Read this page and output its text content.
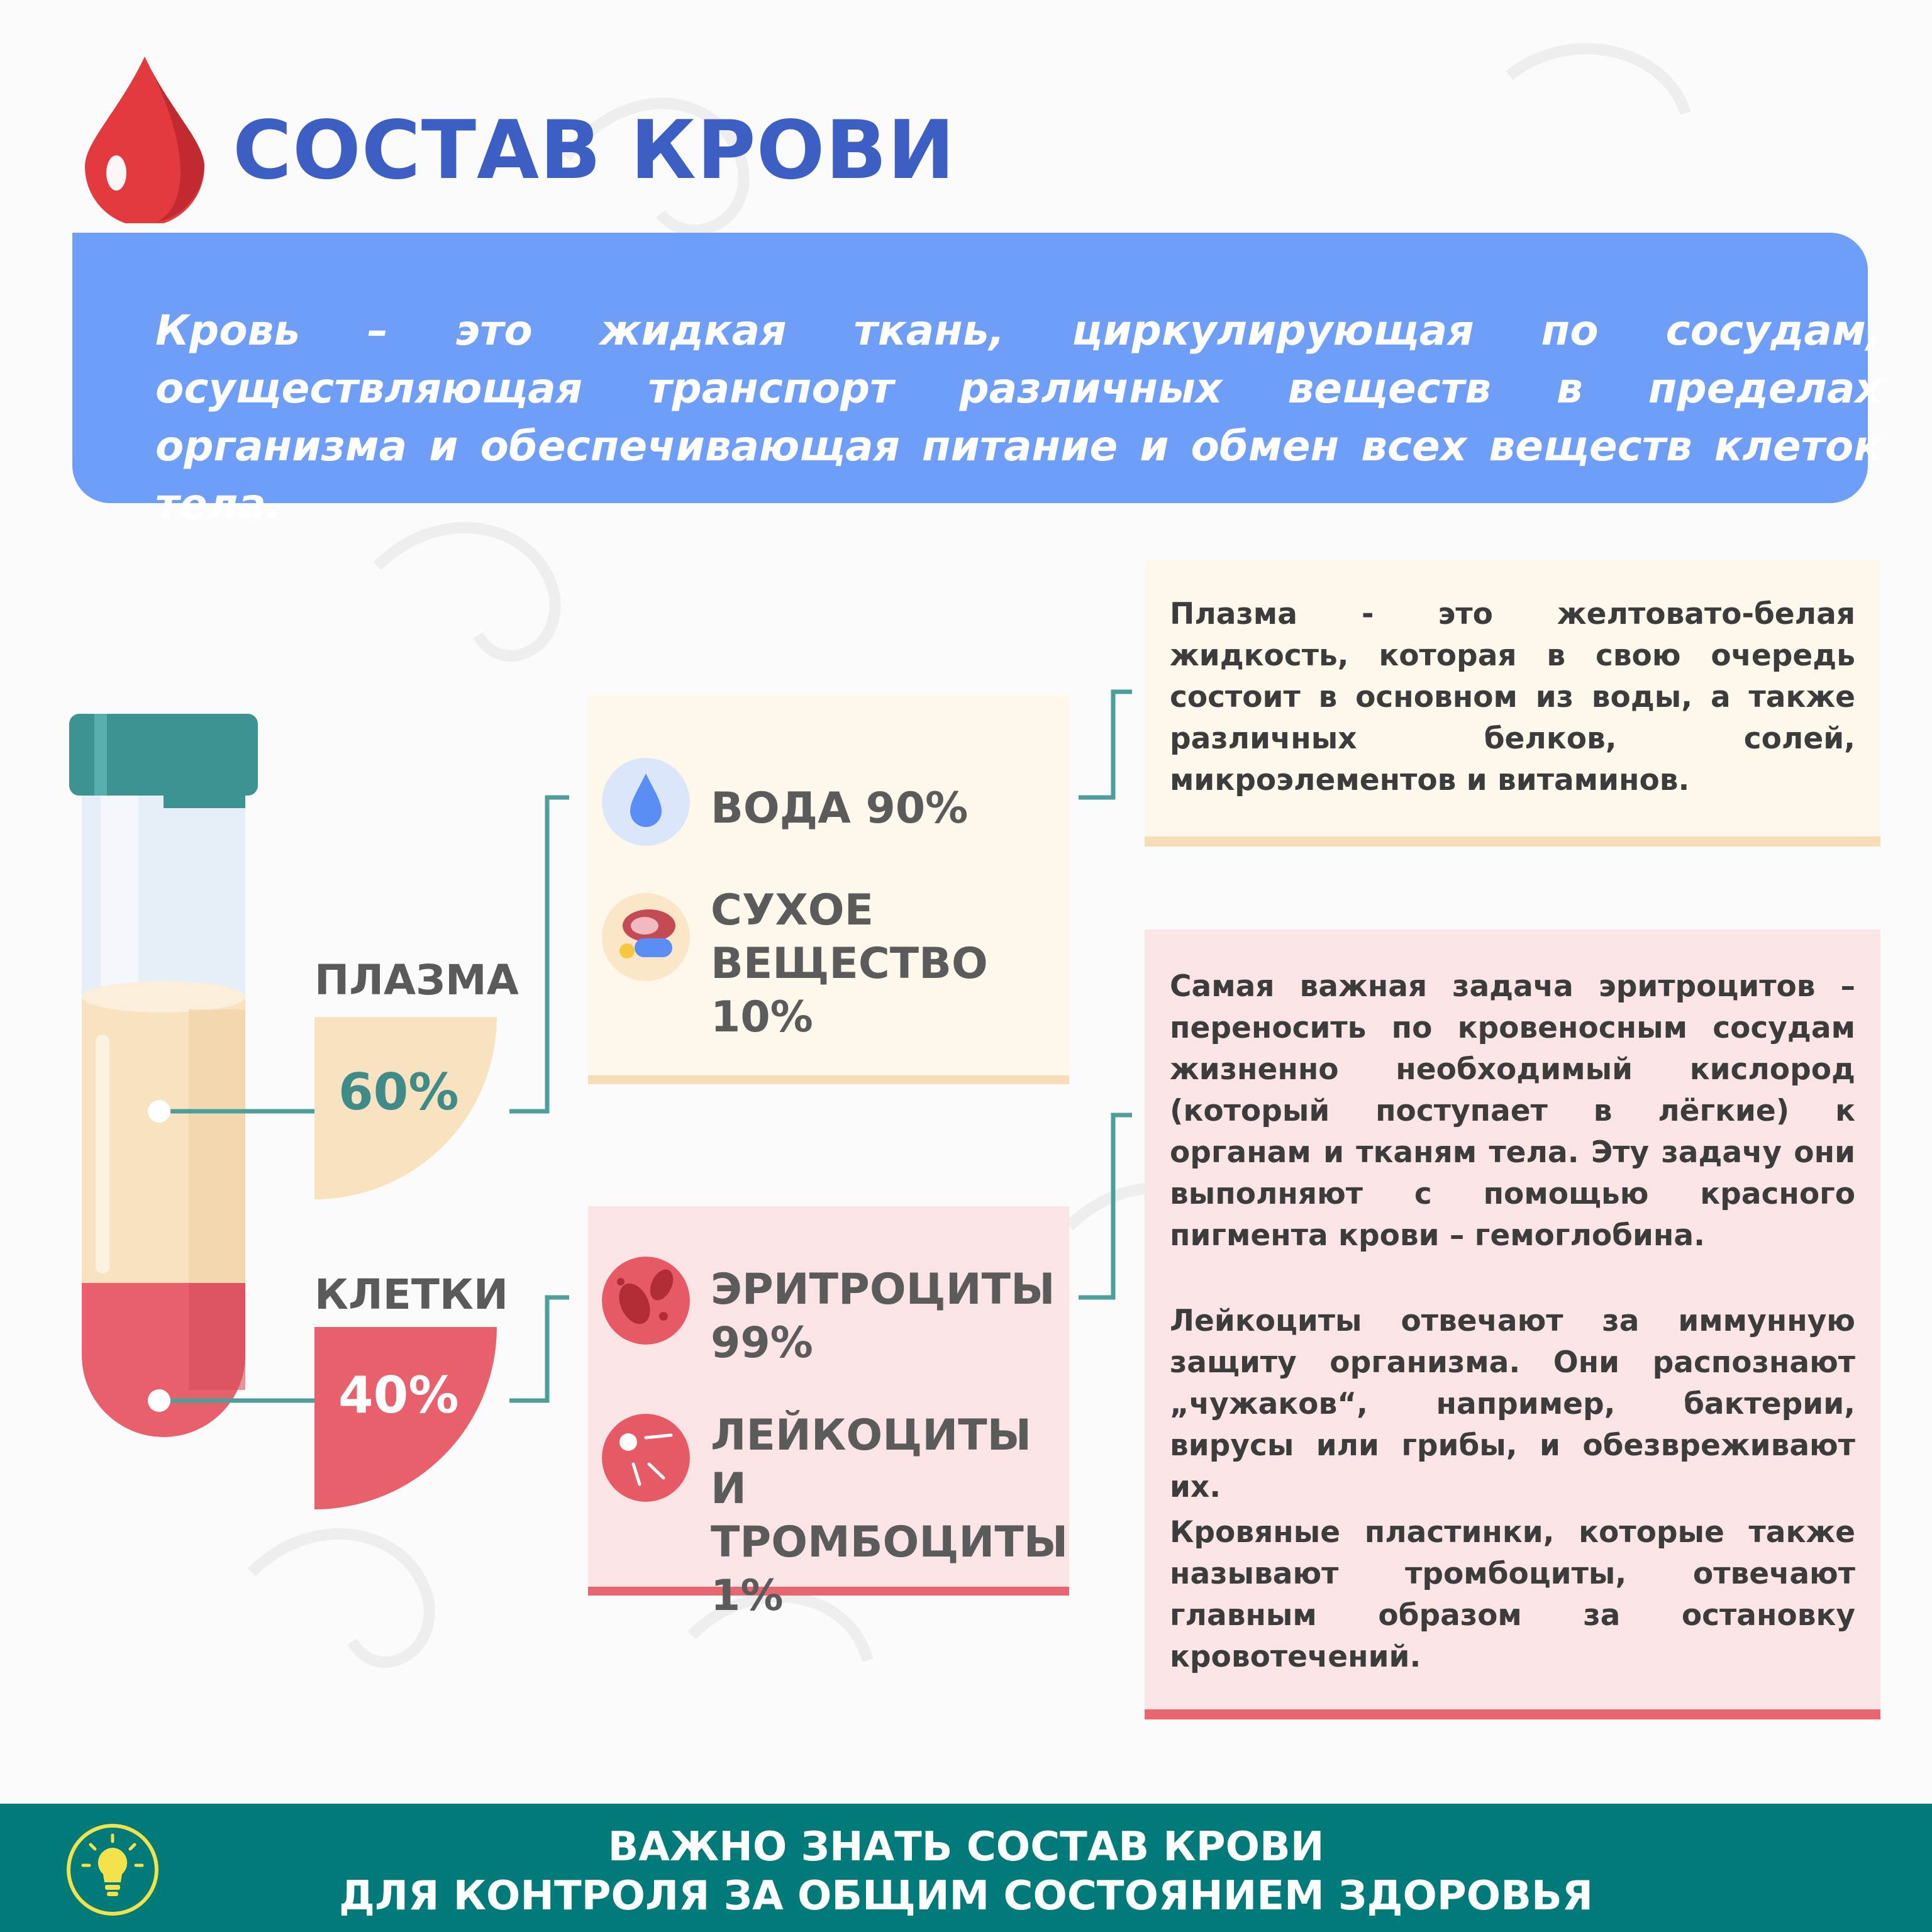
СОСТАВ КРОВИ
Кровь – это жидкая ткань, циркулирующая по сосудам, осуществляющая транспорт различных веществ в пределах организма и обеспечивающая питание и обмен всех веществ клеток тела.
ПЛАЗМА
60%
КЛЕТКИ
40%
ВОДА 90%
СУХОЕ
ВЕЩЕСТВО
10%
ЭРИТРОЦИТЫ
99%
ЛЕЙКОЦИТЫ И
ТРОМБОЦИТЫ
1%
Плазма - это желтовато-белая жидкость, которая в свою очередь состоит в основном из воды, а также различных белков, солей, микроэлементов и витаминов.
Самая важная задача эритроцитов – переносить по кровеносным сосудам жизненно необходимый кислород (который поступает в лёгкие) к органам и тканям тела. Эту задачу они выполняют с помощью красного пигмента крови – гемоглобина.
Лейкоциты отвечают за иммунную защиту организма. Они распознают „чужаков“, например, бактерии, вирусы или грибы, и обезвреживают их.
Кровяные пластинки, которые также называют тромбоциты, отвечают главным образом за остановку кровотечений.
ВАЖНО ЗНАТЬ СОСТАВ КРОВИ
ДЛЯ КОНТРОЛЯ ЗА ОБЩИМ СОСТОЯНИЕМ ЗДОРОВЬЯ
